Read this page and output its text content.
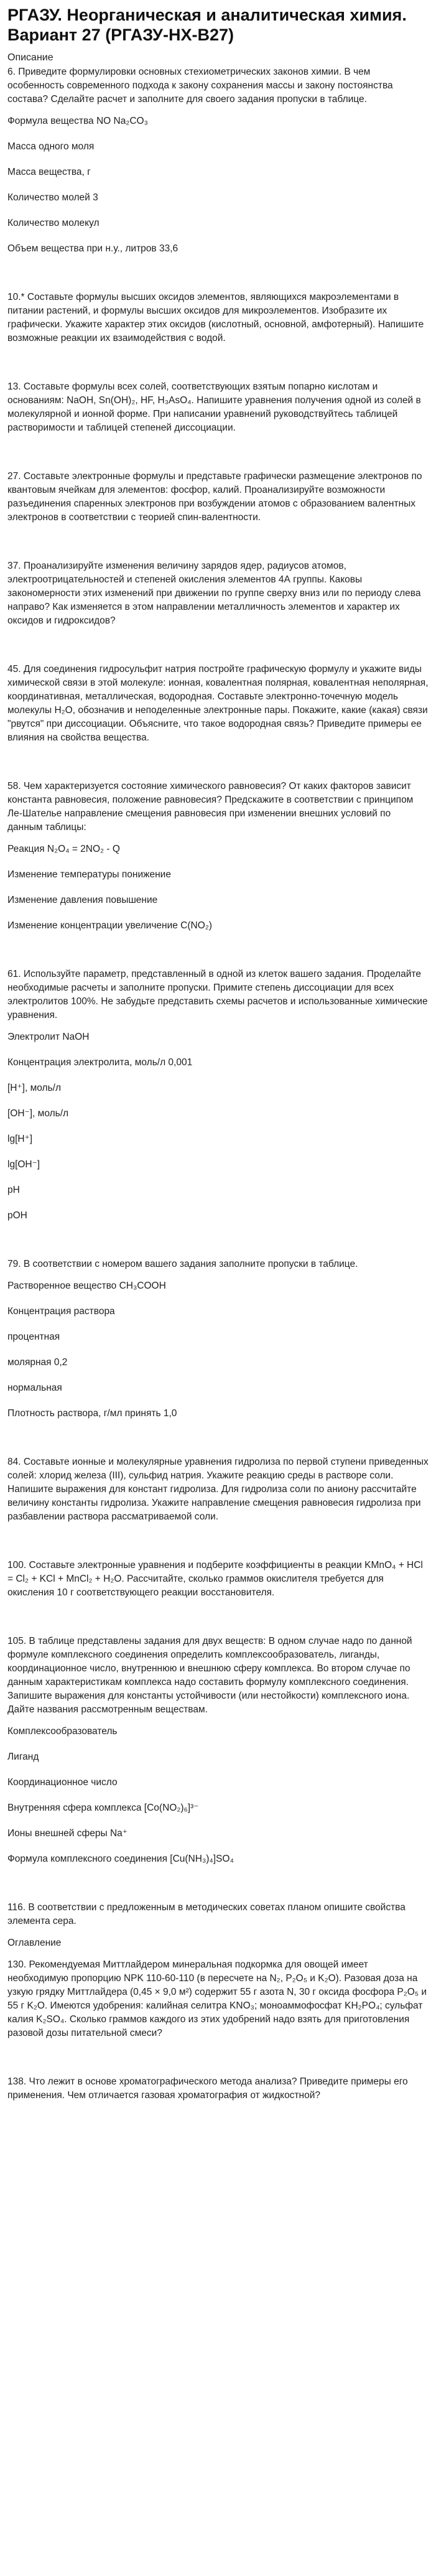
РГАЗУ. Неорганическая и аналитическая химия. Вариант 27 (РГАЗУ-НХ-В27)
Описание

6. Приведите формулировки основных стехиометрических законов химии. В чем особенность современного подхода к закону сохранения массы и закону постоянства состава? Сделайте расчет и заполните для своего задания пропуски в таблице.

Формула вещества NO Na₂CO₃
Масса одного моля
Масса вещества, г
Количество молей 3
Количество молекул
Объем вещества при н.у., литров 33,6

10.* Составьте формулы высших оксидов элементов, являющихся макроэлементами в питании растений, и формулы высших оксидов для микроэлементов. Изобразите их графически. Укажите характер этих оксидов (кислотный, основной, амфотерный). Напишите возможные реакции их взаимодействия с водой.

13. Составьте формулы всех солей, соответствующих взятым попарно кислотам и основаниям: NaOH, Sn(OH)₂, HF, H₃AsO₄. Напишите уравнения получения одной из солей в молекулярной и ионной форме. При написании уравнений руководствуйтесь таблицей растворимости и таблицей степеней диссоциации.

27. Составьте электронные формулы и представьте графически размещение электронов по квантовым ячейкам для элементов: фосфор, калий. Проанализируйте возможности разъединения спаренных электронов при возбуждении атомов с образованием валентных электронов в соответствии с теорией спин-валентности.

37. Проанализируйте изменения величину зарядов ядер, радиусов атомов, электроотрицательностей и степеней окисления элементов 4А группы. Каковы закономерности этих изменений при движении по группе сверху вниз или по периоду слева направо? Как изменяется в этом направлении металличность элементов и характер их оксидов и гидроксидов?

45. Для соединения гидросульфит натрия постройте графическую формулу и укажите виды химической связи в этой молекуле: ионная, ковалентная полярная, ковалентная неполярная, координативная, металлическая, водородная. Составьте электронно-точечную модель молекулы H₂O, обозначив и неподеленные электронные пары. Покажите, какие (какая) связи "рвутся" при диссоциации. Объясните, что такое водородная связь? Приведите примеры ее влияния на свойства вещества.

58. Чем характеризуется состояние химического равновесия? От каких факторов зависит константа равновесия, положение равновесия? Предскажите в соответствии с принципом Ле-Шателье направление смещения равновесия при изменении внешних условий по данным таблицы:

Реакция N₂O₄ = 2NO₂ - Q
Изменение температуры понижение
Изменение давления повышение
Изменение концентрации увеличение C(NO₂)

61. Используйте параметр, представленный в одной из клеток вашего задания. Проделайте необходимые расчеты и заполните пропуски. Примите степень диссоциации для всех электролитов 100%. Не забудьте представить схемы расчетов и использованные химические уравнения.

Электролит NaOH
Концентрация электролита, моль/л 0,001
[H⁺], моль/л
[OH⁻], моль/л
lg[H⁺]
lg[OH⁻]
pH
pOH

79. В соответствии с номером вашего задания заполните пропуски в таблице.

Растворенное вещество CH₃COOH
Концентрация раствора
процентная
молярная 0,2
нормальная
Плотность раствора, г/мл принять 1,0

84. Составьте ионные и молекулярные уравнения гидролиза по первой ступени приведенных солей: хлорид железа (III), сульфид натрия. Укажите реакцию среды в растворе соли. Напишите выражения для констант гидролиза. Для гидролиза соли по аниону рассчитайте величину константы гидролиза. Укажите направление смещения равновесия гидролиза при разбавлении раствора рассматриваемой соли.

100. Составьте электронные уравнения и подберите коэффициенты в реакции KMnO₄ + HCl = Cl₂ + KCl + MnCl₂ + H₂O. Рассчитайте, сколько граммов окислителя требуется для окисления 10 г соответствующего реакции восстановителя.

105. В таблице представлены задания для двух веществ: В одном случае надо по данной формуле комплексного соединения определить комплексообразователь, лиганды, координационное число, внутреннюю и внешнюю сферу комплекса. Во втором случае по данным характеристикам комплекса надо составить формулу комплексного соединения. Запишите выражения для константы устойчивости (или нестойкости) комплексного иона. Дайте названия рассмотренным веществам.

Комплексообразователь
Лиганд
Координационное число
Внутренняя сфера комплекса [Co(NO₂)₆]³⁻
Ионы внешней сферы Na⁺
Формула комплексного соединения [Cu(NH₃)₄]SO₄

116. В соответствии с предложенным в методических советах планом опишите свойства элемента сера.

Оглавление

130. Рекомендуемая Миттлайдером минеральная подкормка для овощей имеет необходимую пропорцию NPK 110-60-110 (в пересчете на N₂, P₂O₅ и K₂O). Разовая доза на узкую грядку Миттлайдера (0,45 × 9,0 м²) содержит 55 г азота N, 30 г оксида фосфора P₂O₅ и 55 г K₂O. Имеются удобрения: калийная селитра KNO₃; моноаммофосфат KH₂PO₄; сульфат калия K₂SO₄. Сколько граммов каждого из этих удобрений надо взять для приготовления разовой дозы питательной смеси?

138. Что лежит в основе хроматографического метода анализа? Приведите примеры его применения. Чем отличается газовая хроматография от жидкостной?
